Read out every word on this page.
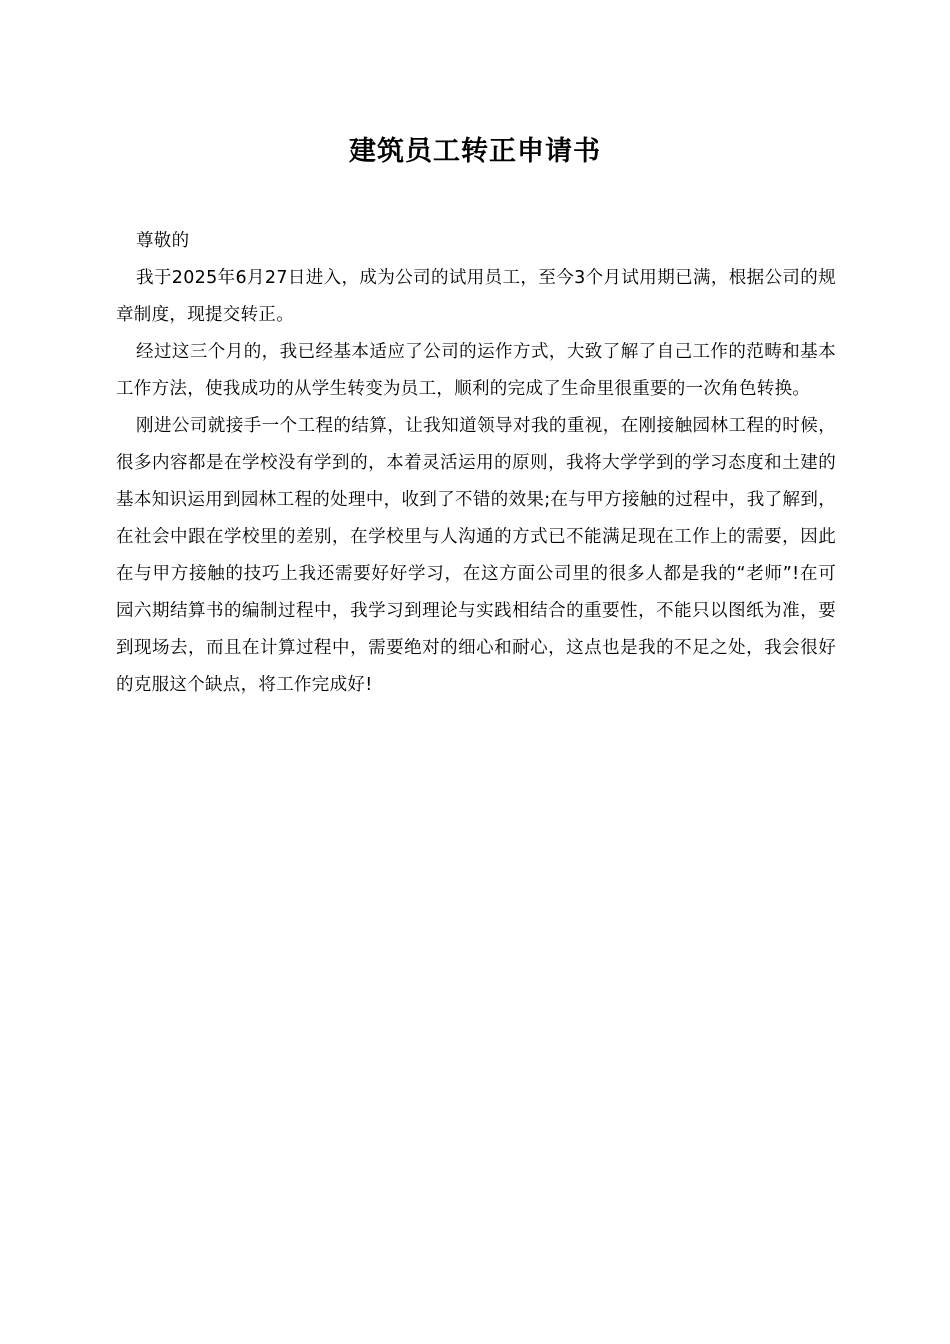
建筑员工转正申请书

尊敬的

我于2025年6月27日进入，成为公司的试用员工，至今3个月试用期已满，根据公司的规章制度，现提交转正。

经过这三个月的，我已经基本适应了公司的运作方式，大致了解了自己工作的范畴和基本工作方法，使我成功的从学生转变为员工，顺利的完成了生命里很重要的一次角色转换。

刚进公司就接手一个工程的结算，让我知道领导对我的重视，在刚接触园林工程的时候，很多内容都是在学校没有学到的，本着灵活运用的原则，我将大学学到的学习态度和土建的基本知识运用到园林工程的处理中，收到了不错的效果;在与甲方接触的过程中，我了解到，在社会中跟在学校里的差别，在学校里与人沟通的方式已不能满足现在工作上的需要，因此在与甲方接触的技巧上我还需要好好学习，在这方面公司里的很多人都是我的“老师”!在可园六期结算书的编制过程中，我学习到理论与实践相结合的重要性，不能只以图纸为准，要到现场去，而且在计算过程中，需要绝对的细心和耐心，这点也是我的不足之处，我会很好的克服这个缺点，将工作完成好!
